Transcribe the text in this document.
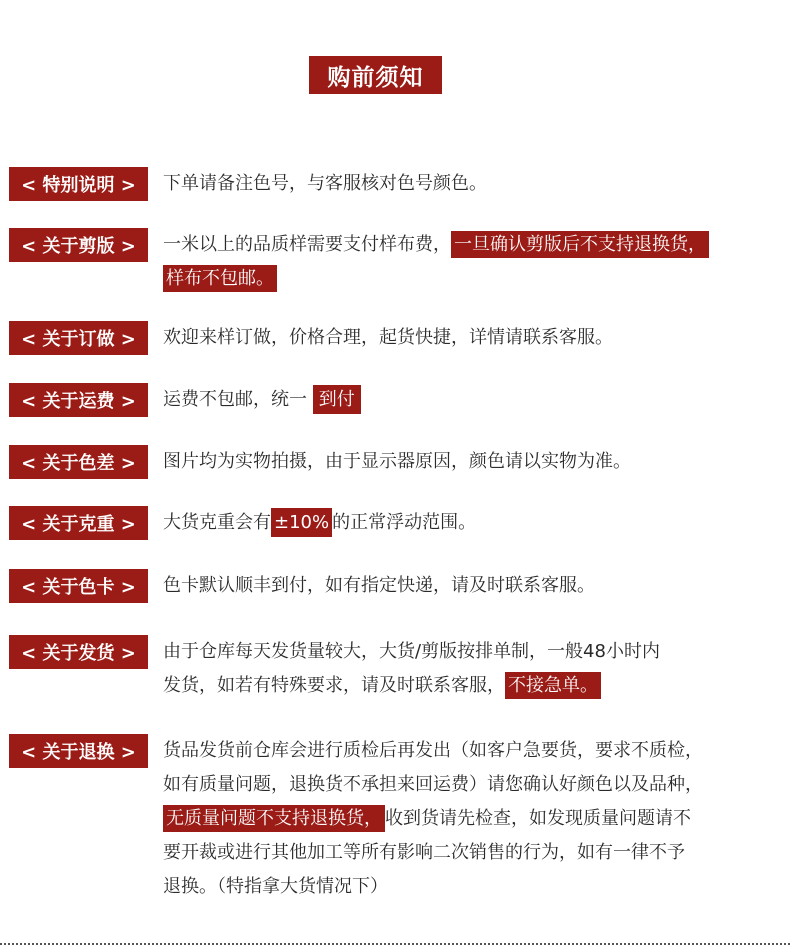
购前须知
< 特别说明 >	下单请备注色号，与客服核对色号颜色。
< 关于剪版 >	一米以上的品质样需要支付样布费， 一旦确认剪版后不支持退换货，
样布不包邮。
< 关于订做 >	欢迎来样订做，价格合理，起货快捷，详情请联系客服。
< 关于运费 >	运费不包邮，统一 到付
< 关于色差 >	图片均为实物拍摄，由于显示器原因，颜色请以实物为准。
< 关于克重 >	大货克重会有 ±10% 的正常浮动范围。
< 关于色卡 >	色卡默认顺丰到付，如有指定快递，请及时联系客服。
< 关于发货 >	由于仓库每天发货量较大，大货/剪版按排单制，一般48小时内
发货，如若有特殊要求，请及时联系客服， 不接急单。
< 关于退换 >	货品发货前仓库会进行质检后再发出（如客户急要货，要求不质检，
如有质量问题，退换货不承担来回运费）请您确认好颜色以及品种，
无质量问题不支持退换货， 收到货请先检查，如发现质量问题请不
要开裁或进行其他加工等所有影响二次销售的行为，如有一律不予
退换。（特指拿大货情况下）
